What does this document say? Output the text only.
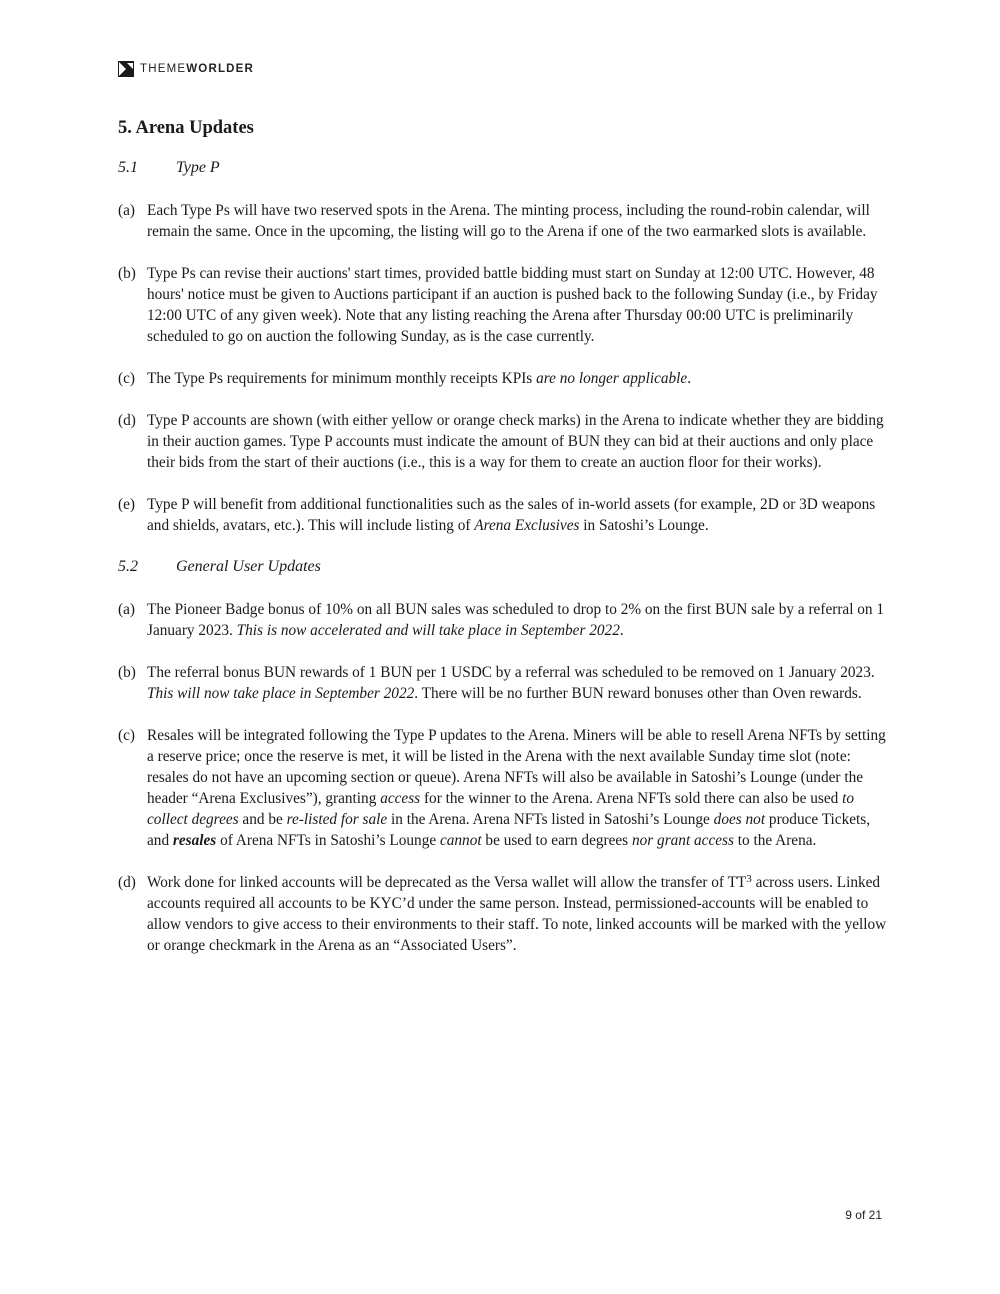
THEMEWORLDER
5. Arena Updates
5.1	Type P
(a) Each Type Ps will have two reserved spots in the Arena. The minting process, including the round-robin calendar, will remain the same. Once in the upcoming, the listing will go to the Arena if one of the two earmarked slots is available.
(b) Type Ps can revise their auctions' start times, provided battle bidding must start on Sunday at 12:00 UTC. However, 48 hours' notice must be given to Auctions participant if an auction is pushed back to the following Sunday (i.e., by Friday 12:00 UTC of any given week). Note that any listing reaching the Arena after Thursday 00:00 UTC is preliminarily scheduled to go on auction the following Sunday, as is the case currently.
(c) The Type Ps requirements for minimum monthly receipts KPIs are no longer applicable.
(d) Type P accounts are shown (with either yellow or orange check marks) in the Arena to indicate whether they are bidding in their auction games. Type P accounts must indicate the amount of BUN they can bid at their auctions and only place their bids from the start of their auctions (i.e., this is a way for them to create an auction floor for their works).
(e) Type P will benefit from additional functionalities such as the sales of in-world assets (for example, 2D or 3D weapons and shields, avatars, etc.). This will include listing of Arena Exclusives in Satoshi’s Lounge.
5.2	General User Updates
(a) The Pioneer Badge bonus of 10% on all BUN sales was scheduled to drop to 2% on the first BUN sale by a referral on 1 January 2023. This is now accelerated and will take place in September 2022.
(b) The referral bonus BUN rewards of 1 BUN per 1 USDC by a referral was scheduled to be removed on 1 January 2023. This will now take place in September 2022. There will be no further BUN reward bonuses other than Oven rewards.
(c) Resales will be integrated following the Type P updates to the Arena. Miners will be able to resell Arena NFTs by setting a reserve price; once the reserve is met, it will be listed in the Arena with the next available Sunday time slot (note: resales do not have an upcoming section or queue). Arena NFTs will also be available in Satoshi’s Lounge (under the header “Arena Exclusives”), granting access for the winner to the Arena. Arena NFTs sold there can also be used to collect degrees and be re-listed for sale in the Arena. Arena NFTs listed in Satoshi’s Lounge does not produce Tickets, and resales of Arena NFTs in Satoshi’s Lounge cannot be used to earn degrees nor grant access to the Arena.
(d) Work done for linked accounts will be deprecated as the Versa wallet will allow the transfer of $TT^3$ across users. Linked accounts required all accounts to be KYC’d under the same person. Instead, permissioned-accounts will be enabled to allow vendors to give access to their environments to their staff. To note, linked accounts will be marked with the yellow or orange checkmark in the Arena as an “Associated Users”.
9 of 21
